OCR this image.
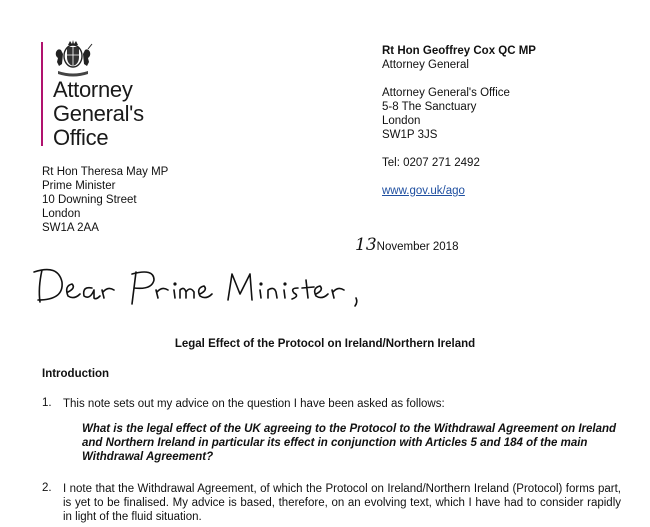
Attorney
General's
Office
Rt Hon Geoffrey Cox QC MP
Attorney General
Attorney General's Office
5-8 The Sanctuary
London
SW1P 3JS
Tel: 0207 271 2492
www.gov.uk/ago
Rt Hon Theresa May MP
Prime Minister
10 Downing Street
London
SW1A 2AA
13November 2018
Legal Effect of the Protocol on Ireland/Northern Ireland
Introduction
1. This note sets out my advice on the question I have been asked as follows:
What is the legal effect of the UK agreeing to the Protocol to the Withdrawal Agreement on Ireland and Northern Ireland in particular its effect in conjunction with Articles 5 and 184 of the main Withdrawal Agreement?
2. I note that the Withdrawal Agreement, of which the Protocol on Ireland/Northern Ireland (Protocol) forms part, is yet to be finalised. My advice is based, therefore, on an evolving text, which I have had to consider rapidly in light of the fluid situation.
